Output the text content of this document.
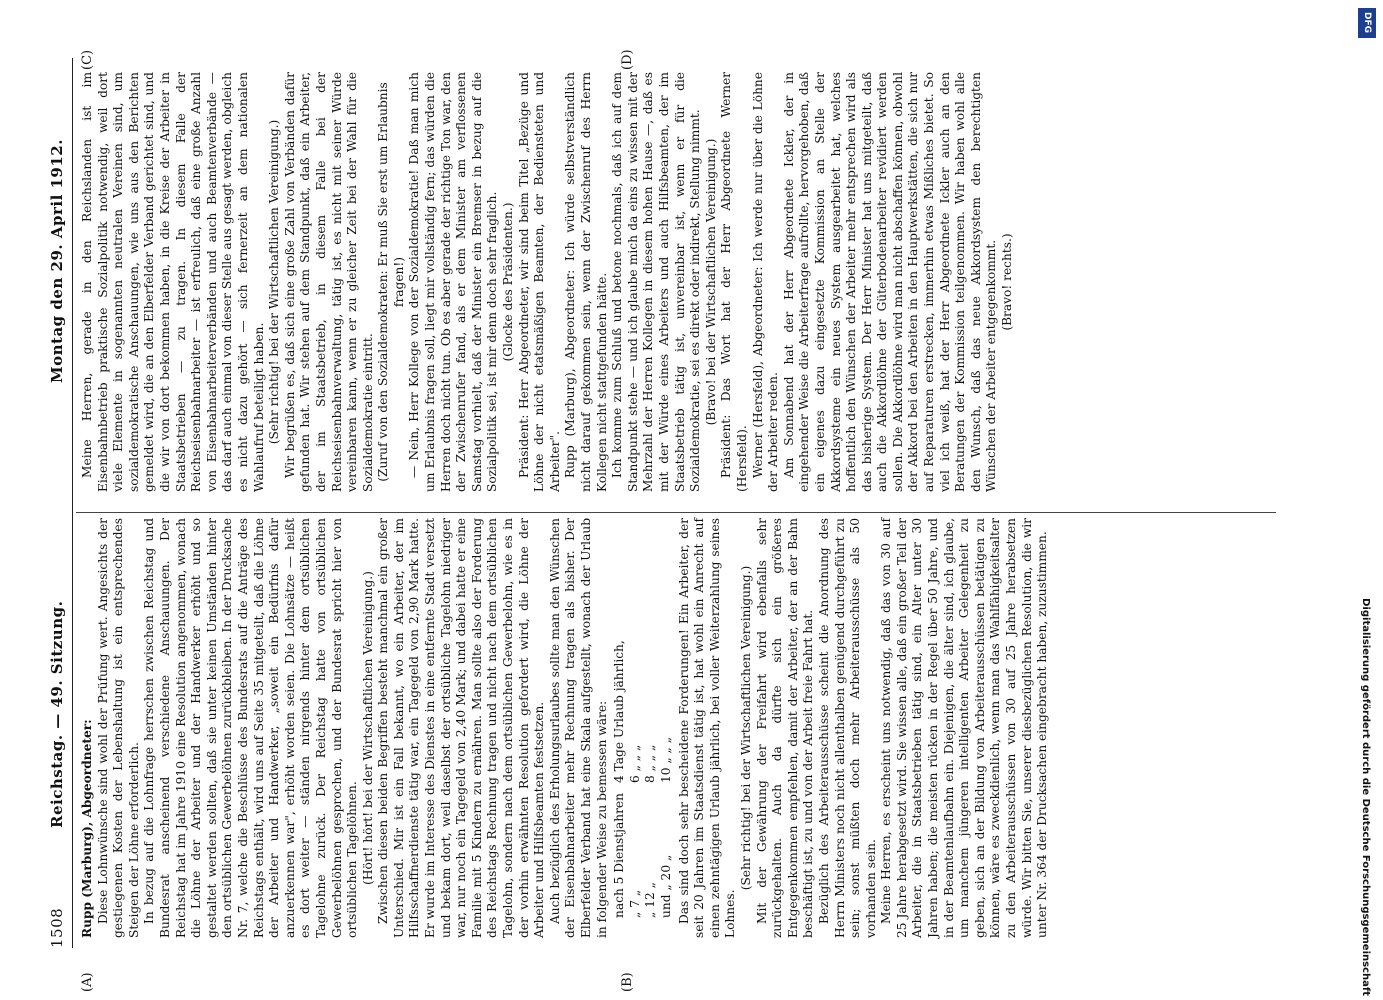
1508
Reichstag. — 49. Sitzung.
Montag den 29. April 1912.
(A)	(B)
(C)	(D)

Rupp (Marburg), Abgeordneter: Diese Lohnwünsche sind wohl der Prüfung wert. Angesichts der gestiegenen Kosten der Lebenshaltung ist ein entsprechendes Steigen der Löhne erforderlich. In bezug auf die Lohnfrage herrschen zwischen Reichstag und Bundesrat anscheinend verschiedene Anschauungen. Der Reichstag hat im Jahre 1910 eine Resolution angenommen, wonach die Löhne der Arbeiter und der Handwerker erhöht und so gestaltet werden sollten, daß sie unter keinen Umständen hinter den ortsüblichen Gewerbelöhnen zurückbleiben. In der Drucksache Nr. 7, welche die Beschlüsse des Bundesrats auf die Anträge des Reichstags enthält, wird uns auf Seite 35 mitgeteilt, daß die Löhne der Arbeiter und Handwerker, „soweit ein Bedürfnis dafür anzuerkennen war", erhöht worden seien. Die Lohnsätze — heißt es dort weiter — ständen nirgends hinter dem ortsüblichen Tagelohne zurück. Der Reichstag hatte von ortsüblichen Gewerbelöhnen gesprochen, und der Bundesrat spricht hier von ortsüblichen Tagelöhnen. (Hört! hört! bei der Wirtschaftlichen Vereinigung.) Zwischen diesen beiden Begriffen besteht manchmal ein großer Unterschied. Mir ist ein Fall bekannt, wo ein Arbeiter, der im Hilfsschaffnerdienste tätig war, ein Tagegeld von 2,90 Mark hatte. Er wurde im Interesse des Dienstes in eine entfernte Stadt versetzt und bekam dort, weil daselbst der ortsübliche Tagelohn niedriger war, nur noch ein Tagegeld von 2,40 Mark; und dabei hatte er eine Familie mit 5 Kindern zu ernähren. Man sollte also der Forderung des Reichstags Rechnung tragen und nicht nach dem ortsüblichen Tagelohn, sondern nach dem ortsüblichen Gewerbelohn, wie es in der vorhin erwähnten Resolution gefordert wird, die Löhne der Arbeiter und Hilfsbeamten festsetzen. Auch bezüglich des Erholungsurlaubes sollte man den Wünschen der Eisenbahnarbeiter mehr Rechnung tragen als bisher. Der Elberfelder Verband hat eine Skala aufgestellt, wonach der Urlaub in folgender Weise zu bemessen wäre: nach 5 Dienstjahren	4 Tage Urlaub jährlich,
„ 7 „	6 „ „ „
„ 12 „	8 „ „ „
und „ 20 „	10 „ „ „ Das sind doch sehr bescheidene Forderungen! Ein Arbeiter, der seit 20 Jahren im Staatsdienst tätig ist, hat wohl ein Anrecht auf einen zehntägigen Urlaub jährlich, bei voller Weiterzahlung seines Lohnes.

(Sehr richtig! bei der Wirtschaftlichen Vereinigung.) Mit der Gewährung der Freifahrt wird ebenfalls sehr zurückgehalten. Auch da dürfte sich ein größeres Entgegenkommen empfehlen, damit der Arbeiter, der an der Bahn beschäftigt ist, zu und von der Arbeit freie Fahrt hat. Bezüglich des Arbeiterausschüsse scheint die Anordnung des Herrn Ministers noch nicht allenthalben genügend durchgeführt zu sein; sonst müßten doch mehr Arbeiterausschüsse als 50 vorhanden sein. Meine Herren, es erscheint uns notwendig, daß das von 30 auf 25 Jahre herabgesetzt wird. Sie wissen alle, daß ein großer Teil der Arbeiter, die in Staatsbetrieben tätig sind, ein Alter unter 30 Jahren haben; die meisten rücken in der Regel über 50 Jahre, und in der Beamtenlaufbahn ein. Diejenigen, die älter sind, ich glaube, um manchem jüngeren intelligenten Arbeiter Gelegenheit zu geben, sich an der Bildung von Arbeiterausschüssen betätigen zu können, wäre es zweckdienlich, wenn man das Wahlfähigkeitsalter zu den Arbeiterausschüssen von 30 auf 25 Jahre herabsetzen würde. Wir bitten Sie, unserer diesbezüglichen Resolution, die wir unter Nr. 364 der Drucksachen eingebracht haben, zuzustimmen.

Meine Herren, gerade in den Reichslanden ist im Eisenbahnbetrieb praktische Sozialpolitik notwendig, weil dort viele Elemente in sogenannten neutralen Vereinen sind, um sozialdemokratische Anschauungen, wie uns aus den Berichten gemeldet wird, die an den Elberfelder Verband gerichtet sind, und die wir von dort bekommen haben, in die Kreise der Arbeiter in Staatsbetrieben — zu tragen. In diesem Falle der Reichseisenbahnarbeiter — ist erfreulich, daß eine große Anzahl von Eisenbahnarbeiterverbänden und auch Beamtenverbände — das darf auch einmal von dieser Stelle aus gesagt werden, obgleich es nicht dazu gehört — sich fernerzeit an dem nationalen Wahlaufruf beteiligt haben. (Sehr richtig! bei der Wirtschaftlichen Vereinigung.) Wir begrüßen es, daß sich eine große Zahl von Verbänden dafür gefunden hat. Wir stehen auf dem Standpunkt, daß ein Arbeiter, der im Staatsbetrieb, in diesem Falle bei der Reichseisenbahnverwaltung, tätig ist, es nicht mit seiner Würde vereinbaren kann, wenn er zu gleicher Zeit bei der Wahl für die Sozialdemokratie eintritt. (Zuruf von den Sozialdemokraten: Er muß Sie erst um Erlaubnis fragen!) — Nein, Herr Kollege von der Sozialdemokratie! Daß man mich um Erlaubnis fragen soll, liegt mir vollständig fern; das würden die Herren doch nicht tun. Ob es aber gerade der richtige Ton war, den der Zwischenrufer fand, als er dem Minister am verflossenen Samstag vorhielt, daß der Minister ein Bremser in bezug auf die Sozialpolitik sei, ist mir denn doch sehr fraglich. (Glocke des Präsidenten.) Präsident: Herr Abgeordneter, wir sind beim Titel „Bezüge und Löhne der nicht etatsmäßigen Beamten, der Bediensteten und Arbeiter". Rupp (Marburg), Abgeordneter: Ich würde selbstverständlich nicht darauf gekommen sein, wenn der Zwischenruf des Herrn Kollegen nicht stattgefunden hätte. Ich komme zum Schluß und betone nochmals, daß ich auf dem Standpunkt stehe — und ich glaube mich da eins zu wissen mit der Mehrzahl der Herren Kollegen in diesem hohen Hause —, daß es mit der Würde eines Arbeiters und auch Hilfsbeamten, der im Staatsbetrieb tätig ist, unvereinbar ist, wenn er für die Sozialdemokratie, sei es direkt oder indirekt, Stellung nimmt. (Bravo! bei der Wirtschaftlichen Vereinigung.) Präsident: Das Wort hat der Herr Abgeordnete Werner (Hersfeld). Werner (Hersfeld), Abgeordneter: Ich werde nur über die Löhne der Arbeiter reden. Am Sonnabend hat der Herr Abgeordnete Ickler, der in eingehender Weise die Arbeiterfrage aufrollte, hervorgehoben, daß ein eigenes dazu eingesetzte Kommission an Stelle der Akkordsysteme ein neues System ausgearbeitet hat, welches hoffentlich den Wünschen der Arbeiter mehr entsprechen wird als das bisherige System. Der Herr Minister hat uns mitgeteilt, daß auch die Akkordlöhne der Güterbodenarbeiter revidiert werden sollen. Die Akkordlöhne wird man nicht abschaffen können, obwohl der Akkord bei den Arbeiten in den Hauptwerkstätten, die sich nur auf Reparaturen erstrecken, immerhin etwas Mißliches bietet. So viel ich weiß, hat der Herr Abgeordnete Ickler auch an den Beratungen der Kommission teilgenommen. Wir haben wohl alle den Wunsch, daß das neue Akkordsystem den berechtigten Wünschen der Arbeiter entgegenkommt. (Bravo! rechts.)

DFG
Digitalisierung gefördert durch die Deutsche Forschungsgemeinschaft
